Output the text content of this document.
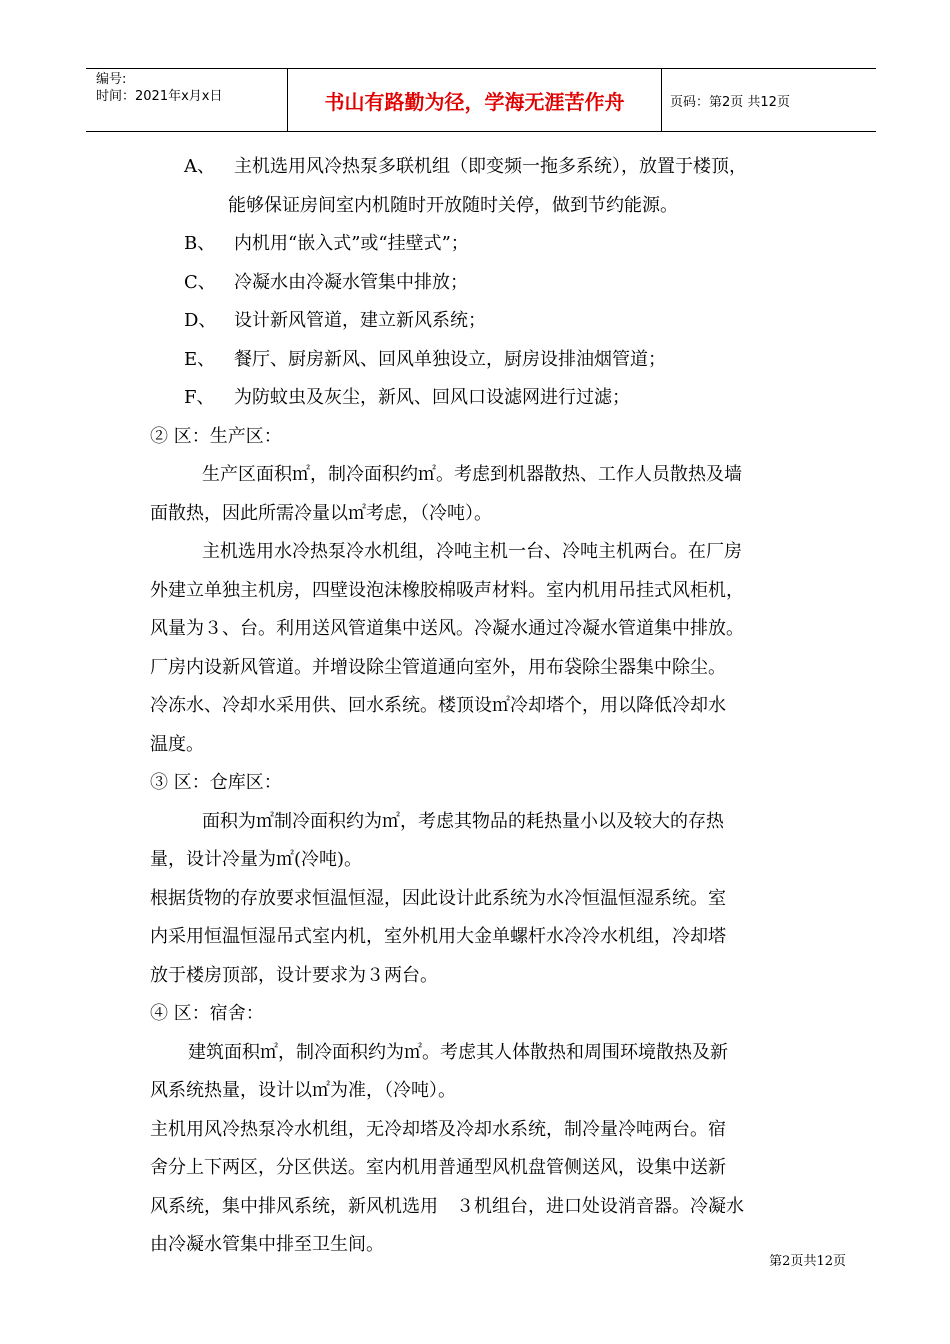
编号:
时间：2021年x月x日	书山有路勤为径，学海无涯苦作舟	页码：第2页 共12页

A、	主机选用风冷热泵多联机组（即变频一拖多系统），放置于楼顶，

能够保证房间室内机随时开放随时关停，做到节约能源。

B、	内机用“嵌入式”或“挂壁式”；

C、	冷凝水由冷凝水管集中排放；

D、 设计新风管道，建立新风系统；

E、	餐厅、厨房新风、回风单独设立，厨房设排油烟管道；

F、	为防蚊虫及灰尘，新风、回风口设滤网进行过滤；

② 区：生产区：

生产区面积㎡，制冷面积约㎡。考虑到机器散热、工作人员散热及墙

面散热，因此所需冷量以㎡考虑，（冷吨）。

主机选用水冷热泵冷水机组，冷吨主机一台、冷吨主机两台。在厂房

外建立单独主机房，四壁设泡沫橡胶棉吸声材料。室内机用吊挂式风柜机，

风量为３、台。利用送风管道集中送风。冷凝水通过冷凝水管道集中排放。

厂房内设新风管道。并增设除尘管道通向室外，用布袋除尘器集中除尘。

冷冻水、冷却水采用供、回水系统。楼顶设㎡冷却塔个，用以降低冷却水

温度。

③ 区：仓库区：

面积为㎡制冷面积约为㎡，考虑其物品的耗热量小以及较大的存热

量，设计冷量为㎡(冷吨)。

根据货物的存放要求恒温恒湿，因此设计此系统为水冷恒温恒湿系统。室

内采用恒温恒湿吊式室内机，室外机用大金单螺杆水冷冷水机组，冷却塔

放于楼房顶部，设计要求为３两台。

④ 区：宿舍：

建筑面积㎡，制冷面积约为㎡。考虑其人体散热和周围环境散热及新

风系统热量，设计以㎡为准，（冷吨）。

主机用风冷热泵冷水机组，无冷却塔及冷却水系统，制冷量冷吨两台。宿

舍分上下两区，分区供送。室内机用普通型风机盘管侧送风，设集中送新

风系统，集中排风系统，新风机选用　３机组台，进口处设消音器。冷凝水

由冷凝水管集中排至卫生间。

第2页共12页
